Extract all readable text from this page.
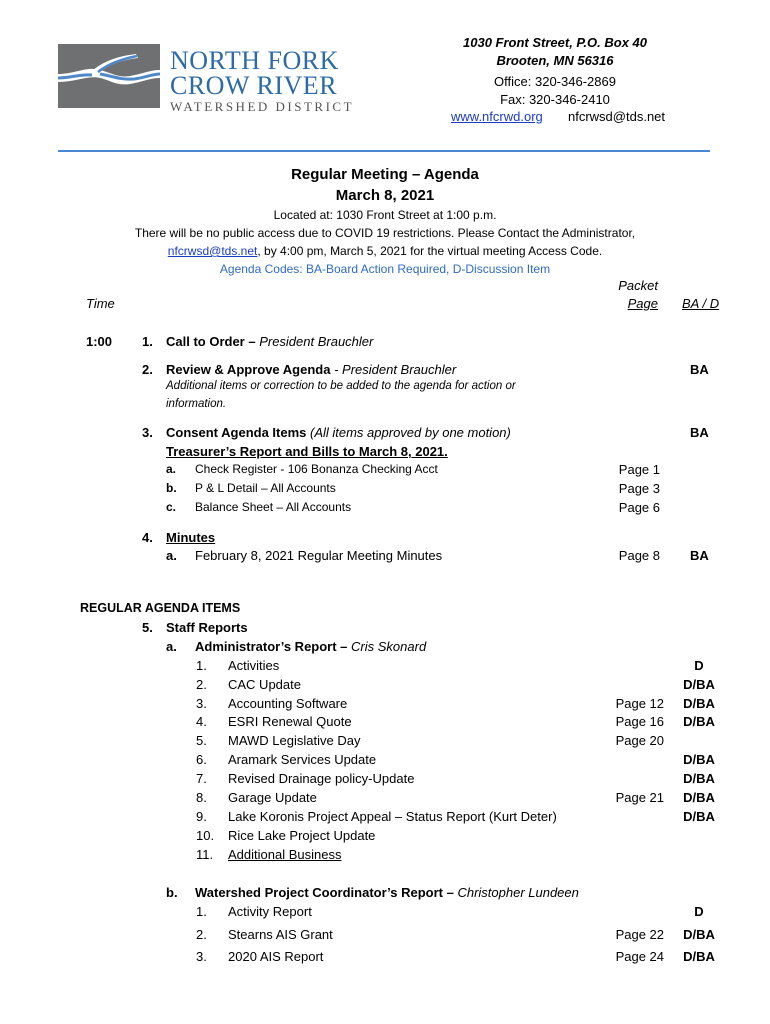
NORTH FORK
CROW RIVER
WATERSHED DISTRICT
1030 Front Street, P.O. Box 40
Brooten, MN 56316
Office: 320-346-2869
Fax: 320-346-2410
www.nfcrwd.org nfcrwsd@tds.net
Regular Meeting – Agenda
March 8, 2021
Located at: 1030 Front Street at 1:00 p.m.
There will be no public access due to COVID 19 restrictions. Please Contact the Administrator,
nfcrwsd@tds.net, by 4:00 pm, March 5, 2021 for the virtual meeting Access Code.
Agenda Codes: BA-Board Action Required, D-Discussion Item
Time
Packet
Page BA / D
1:00 1. Call to Order – President Brauchler
2. Review & Approve Agenda - President Brauchler	BA
Additional items or correction to be added to the agenda for action or
information.
3. Consent Agenda Items (All items approved by one motion)	BA
Treasurer’s Report and Bills to March 8, 2021.
a. Check Register - 106 Bonanza Checking Acct	Page 1
b. P & L Detail – All Accounts	Page 3
c. Balance Sheet – All Accounts	Page 6
4. Minutes
a. February 8, 2021 Regular Meeting Minutes	Page 8 BA
REGULAR AGENDA ITEMS
5. Staff Reports
a. Administrator’s Report – Cris Skonard
1. Activities	D
2. CAC Update	D/BA
3. Accounting Software	Page 12	D/BA
4. ESRI Renewal Quote	Page 16	D/BA
5. MAWD Legislative Day	Page 20
6. Aramark Services Update	D/BA
7. Revised Drainage policy-Update	D/BA
8. Garage Update	Page 21	D/BA
9. Lake Koronis Project Appeal – Status Report (Kurt Deter)	D/BA
10. Rice Lake Project Update
11. Additional Business
b. Watershed Project Coordinator’s Report – Christopher Lundeen
1. Activity Report	D
2. Stearns AIS Grant	Page 22	D/BA
3. 2020 AIS Report	Page 24	D/BA
